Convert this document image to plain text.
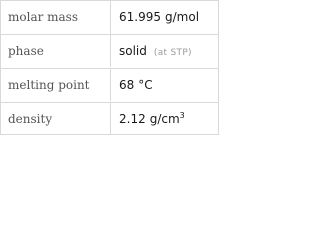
molar mass	61.995 g/mol
phase	solid (at STP)
melting point	68 °C
density	2.12 $g/cm^3$
